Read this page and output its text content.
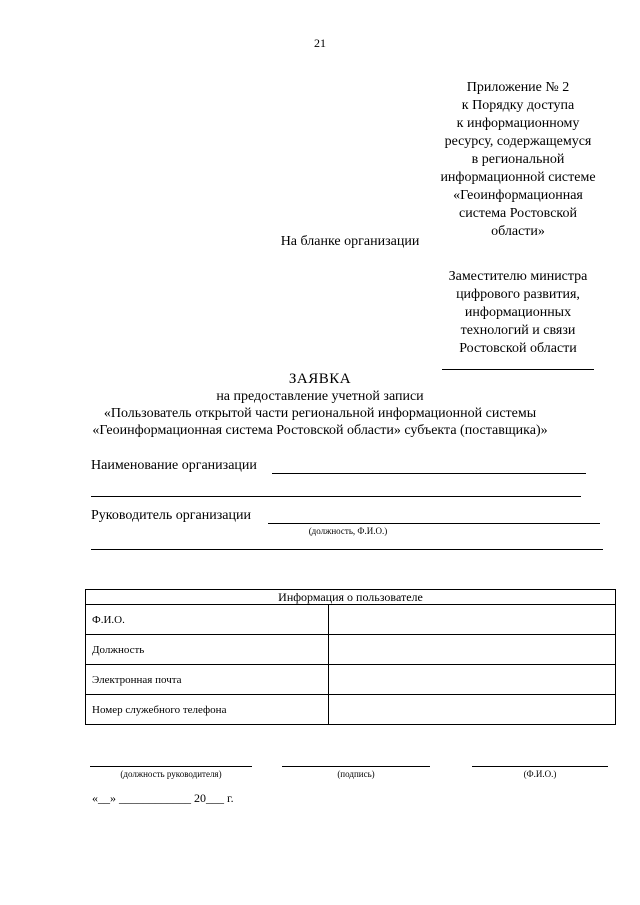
21
Приложение № 2
к Порядку доступа
к информационному
ресурсу, содержащемуся
в региональной
информационной системе
«Геоинформационная
система Ростовской
области»
На бланке организации
Заместителю министра
цифрового развития,
информационных
технологий и связи
Ростовской области
ЗАЯВКА
на предоставление учетной записи
«Пользователь открытой части региональной информационной системы
«Геоинформационная система Ростовской области» субъекта (поставщика)»
Наименование организации
Руководитель организации
(должность, Ф.И.О.)
Информация о пользователе	
Ф.И.О.	
Должность	
Электронная почта	
Номер служебного телефона	
(должность руководителя)	(подпись)	(Ф.И.О.)
«__» ____________ 20___ г.
